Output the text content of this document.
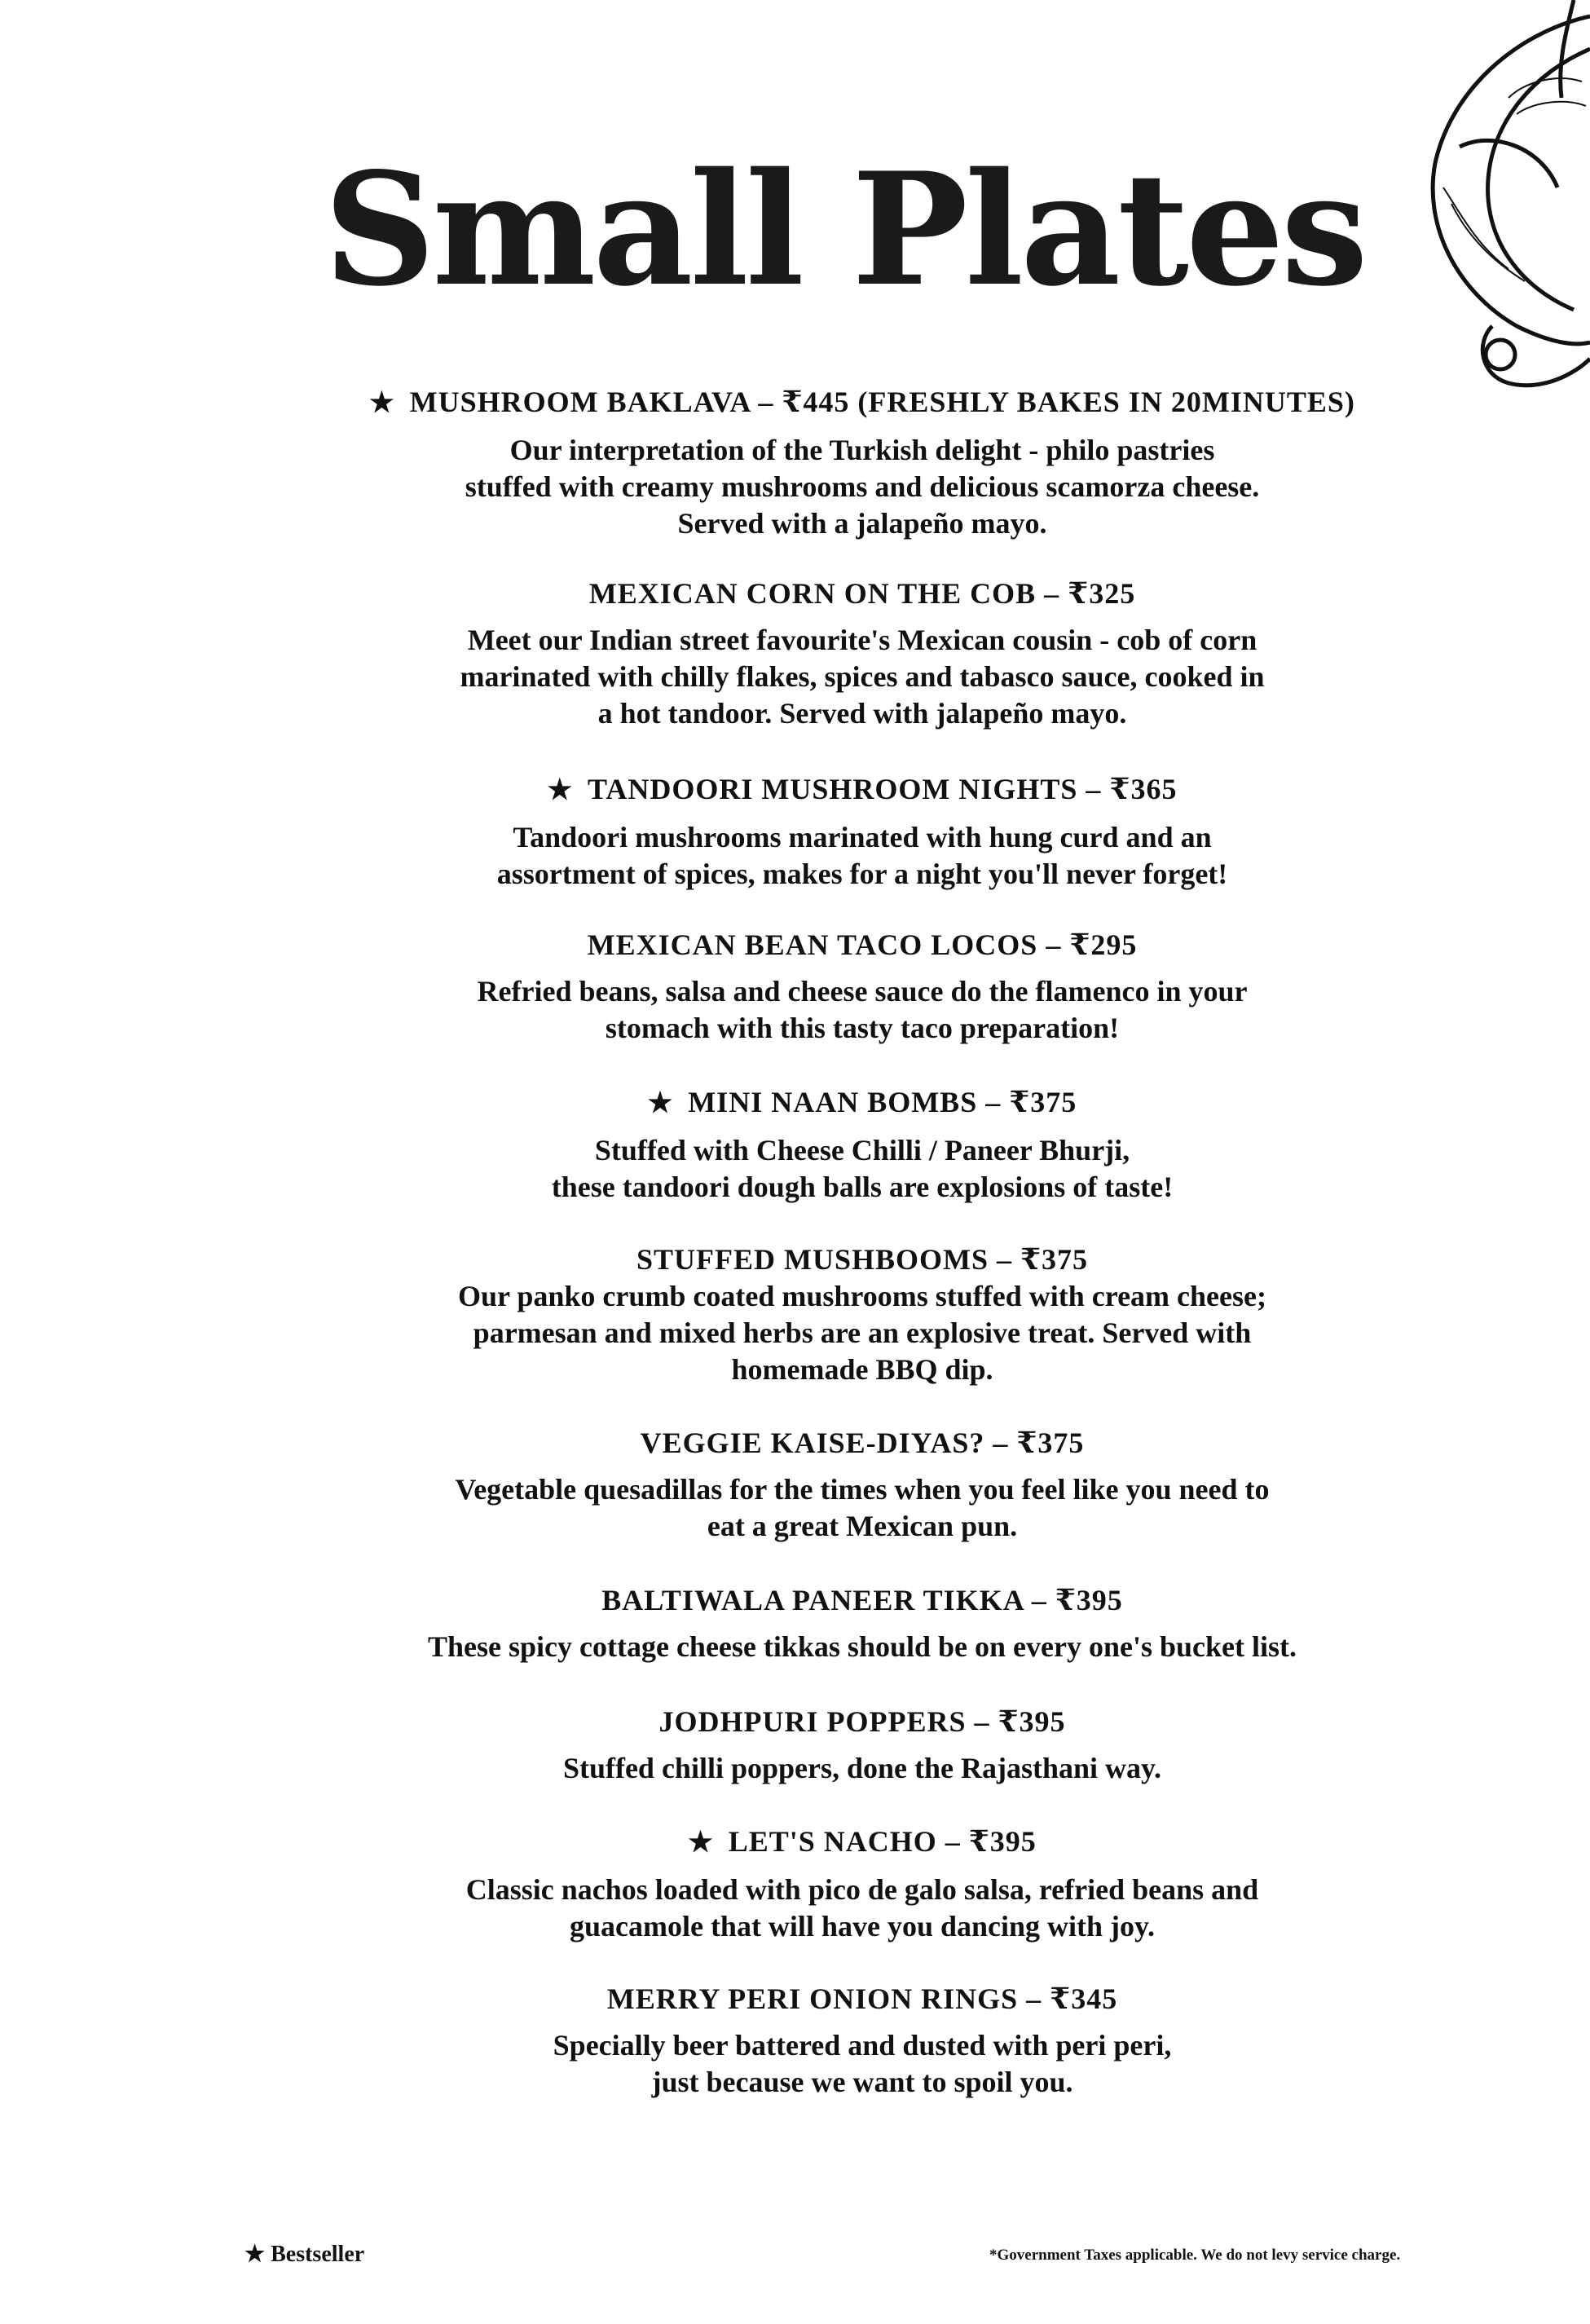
Small Plates
★ MUSHROOM BAKLAVA – ₹445 (FRESHLY BAKES IN 20MINUTES)
Our interpretation of the Turkish delight - philo pastries
stuffed with creamy mushrooms and delicious scamorza cheese.
Served with a jalapeño mayo.
MEXICAN CORN ON THE COB – ₹325
Meet our Indian street favourite's Mexican cousin - cob of corn
marinated with chilly flakes, spices and tabasco sauce, cooked in
a hot tandoor. Served with jalapeño mayo.
★ TANDOORI MUSHROOM NIGHTS – ₹365
Tandoori mushrooms marinated with hung curd and an
assortment of spices, makes for a night you'll never forget!
MEXICAN BEAN TACO LOCOS – ₹295
Refried beans, salsa and cheese sauce do the flamenco in your
stomach with this tasty taco preparation!
★ MINI NAAN BOMBS – ₹375
Stuffed with Cheese Chilli / Paneer Bhurji,
these tandoori dough balls are explosions of taste!
STUFFED MUSHBOOMS – ₹375
Our panko crumb coated mushrooms stuffed with cream cheese;
parmesan and mixed herbs are an explosive treat. Served with
homemade BBQ dip.
VEGGIE KAISE-DIYAS? – ₹375
Vegetable quesadillas for the times when you feel like you need to
eat a great Mexican pun.
BALTIWALA PANEER TIKKA – ₹395
These spicy cottage cheese tikkas should be on every one's bucket list.
JODHPURI POPPERS – ₹395
Stuffed chilli poppers, done the Rajasthani way.
★ LET'S NACHO – ₹395
Classic nachos loaded with pico de galo salsa, refried beans and
guacamole that will have you dancing with joy.
MERRY PERI ONION RINGS – ₹345
Specially beer battered and dusted with peri peri,
just because we want to spoil you.
★ Bestseller	*Government Taxes applicable. We do not levy service charge.
